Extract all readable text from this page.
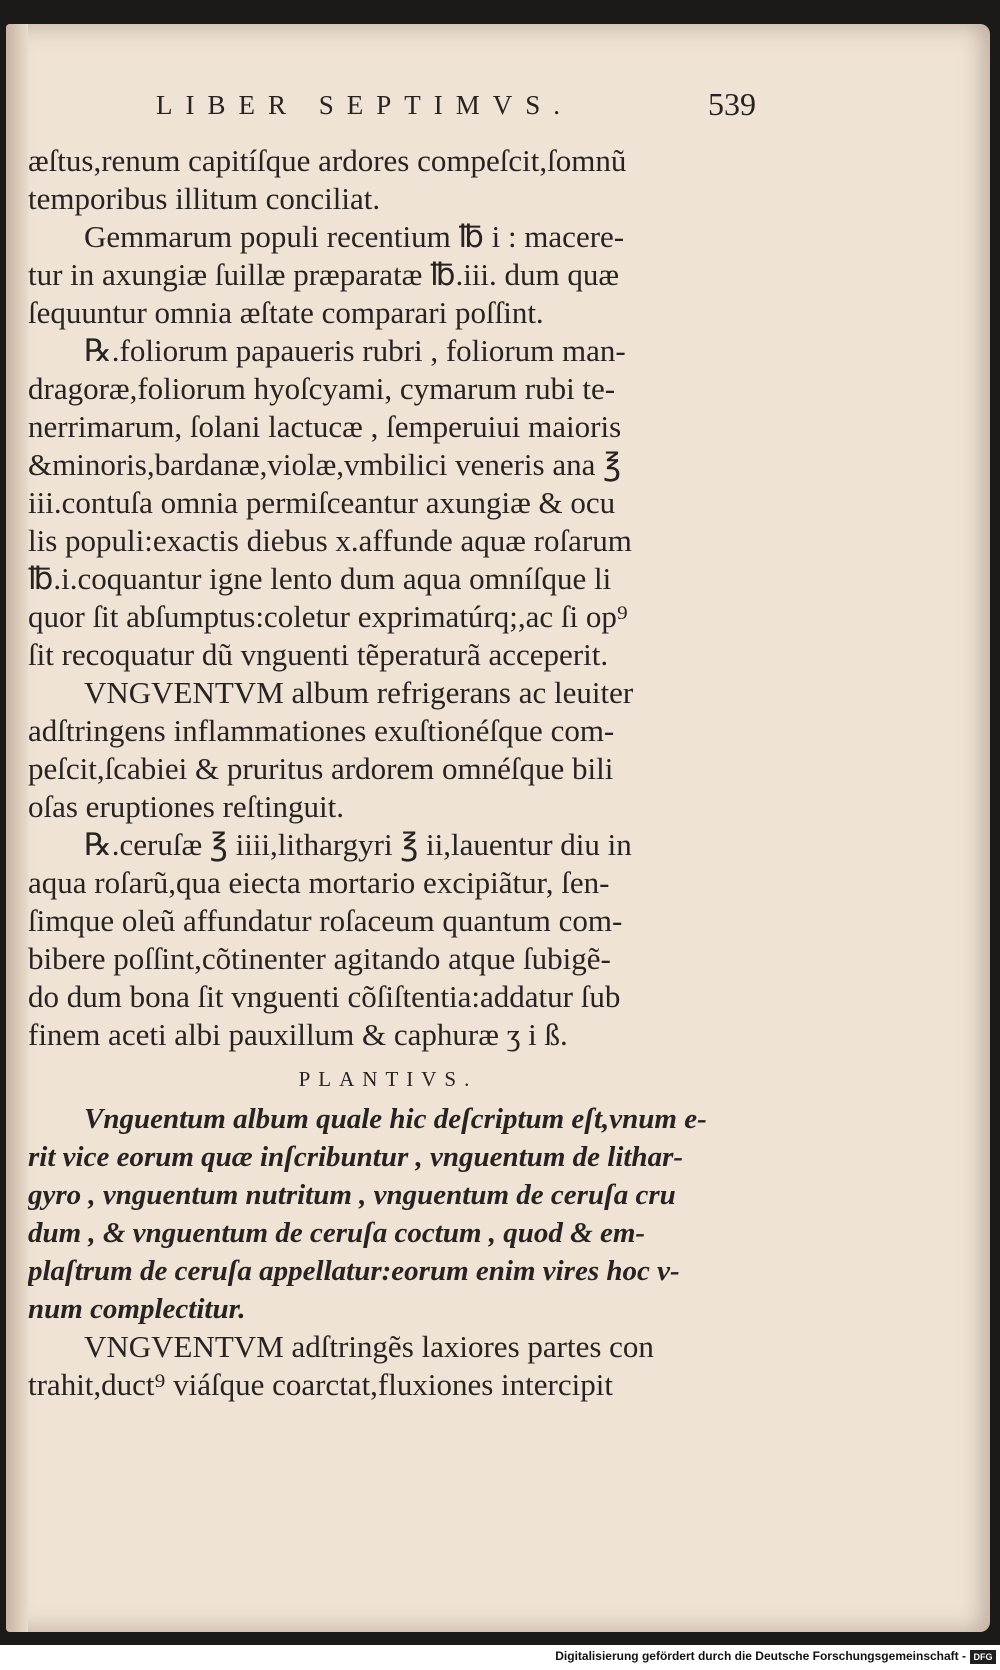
LIBER SEPTIMVS.	539
æſtus,renum capitíſque ardores compeſcit,ſomnũ
temporibus illitum conciliat.
Gemmarum populi recentium ℔ i : macere-
tur in axungiæ ſuillæ præparatæ ℔.iii. dum quæ
ſequuntur omnia æſtate comparari poſſint.
℞.foliorum papaueris rubri , foliorum man-
dragoræ,foliorum hyoſcyami, cymarum rubi te-
nerrimarum, ſolani lactucæ , ſemperuiui maioris
&minoris,bardanæ,violæ,vmbilici veneris ana ℥
iii.contuſa omnia permiſceantur axungiæ & ocu
lis populi:exactis diebus x.affunde aquæ roſarum
℔.i.coquantur igne lento dum aqua omníſque li
quor ſit abſumptus:coletur exprimatúrq;,ac ſi op⁹
ſit recoquatur dũ vnguenti tẽperaturã acceperit.
VNGVENTVM album refrigerans ac leuiter
adſtringens inflammationes exuſtionéſque com-
peſcit,ſcabiei & pruritus ardorem omnéſque bili
oſas eruptiones reſtinguit.
℞.ceruſæ ℥ iiii,lithargyri ℥ ii,lauentur diu in
aqua roſarũ,qua eiecta mortario excipiãtur, ſen-
ſimque oleũ affundatur roſaceum quantum com-
bibere poſſint,cõtinenter agitando atque ſubigẽ-
do dum bona ſit vnguenti cõſiſtentia:addatur ſub
finem aceti albi pauxillum & caphuræ ʒ i ß.
PLANTIVS.
Vnguentum album quale hic deſcriptum eſt,vnum e-
rit vice eorum quæ inſcribuntur , vnguentum de lithar-
gyro , vnguentum nutritum , vnguentum de ceruſa cru
dum , & vnguentum de ceruſa coctum , quod & em-
plaſtrum de ceruſa appellatur:eorum enim vires hoc v-
num complectitur.
VNGVENTVM adſtringẽs laxiores partes con
trahit,duct⁹ viáſque coarctat,fluxiones intercipit
Digitalisierung gefördert durch die Deutsche Forschungsgemeinschaft - DFG
